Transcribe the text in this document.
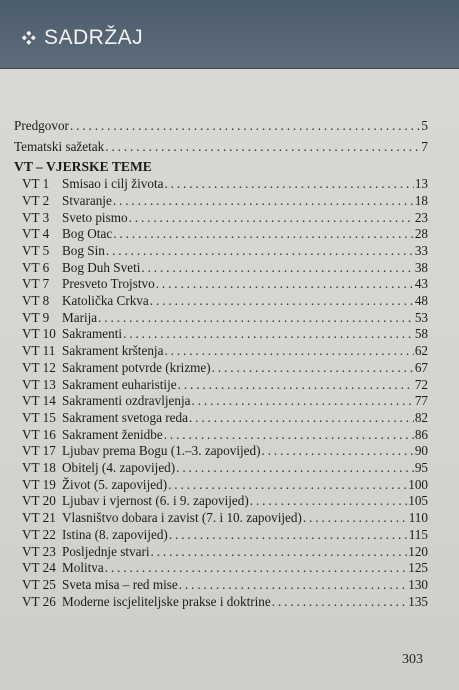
SADRŽAJ
Predgovor . . .	5
Tematski sažetak . . .	7
VT – VJERSKE TEME
VT 1 Smisao i cilj života . . .	13
VT 2 Stvaranje . . .	18
VT 3 Sveto pismo . . .	23
VT 4 Bog Otac . . .	28
VT 5 Bog Sin . . .	33
VT 6 Bog Duh Sveti . . .	38
VT 7 Presveto Trojstvo . . .	43
VT 8 Katolička Crkva . . .	48
VT 9 Marija . . .	53
VT 10 Sakramenti . . .	58
VT 11 Sakrament krštenja . . .	62
VT 12 Sakrament potvrde (krizme) . . .	67
VT 13 Sakrament euharistije . . .	72
VT 14 Sakramenti ozdravljenja . . .	77
VT 15 Sakrament svetoga reda . . .	82
VT 16 Sakrament ženidbe . . .	86
VT 17 Ljubav prema Bogu (1.–3. zapovijed) . . .	90
VT 18 Obitelj (4. zapovijed) . . .	95
VT 19 Život (5. zapovijed) . . .	100
VT 20 Ljubav i vjernost (6. i 9. zapovijed) . . .	105
VT 21 Vlasništvo dobara i zavist (7. i 10. zapovijed) . . .	110
VT 22 Istina (8. zapovijed) . . .	115
VT 23 Posljednje stvari . . .	120
VT 24 Molitva . . .	125
VT 25 Sveta misa – red mise . . .	130
VT 26 Moderne iscjeliteljske prakse i doktrine . . .	135
303
